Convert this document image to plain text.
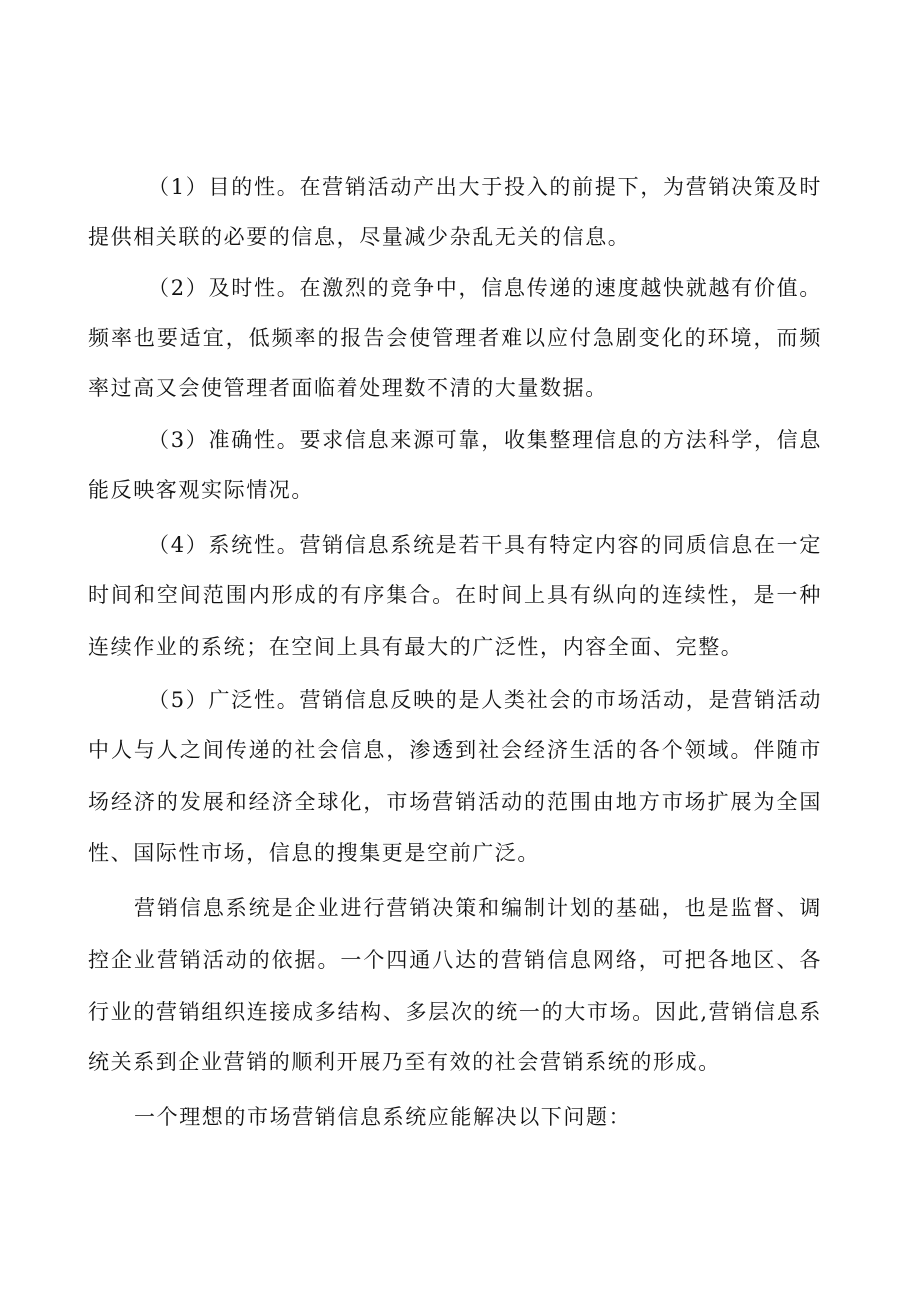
（1）目的性。在营销活动产出大于投入的前提下，为营销决策及时
提供相关联的必要的信息，尽量减少杂乱无关的信息。
（2）及时性。在激烈的竞争中，信息传递的速度越快就越有价值。
频率也要适宜，低频率的报告会使管理者难以应付急剧变化的环境，而频
率过高又会使管理者面临着处理数不清的大量数据。
（3）准确性。要求信息来源可靠，收集整理信息的方法科学，信息
能反映客观实际情况。
（4）系统性。营销信息系统是若干具有特定内容的同质信息在一定
时间和空间范围内形成的有序集合。在时间上具有纵向的连续性，是一种
连续作业的系统；在空间上具有最大的广泛性，内容全面、完整。
（5）广泛性。营销信息反映的是人类社会的市场活动，是营销活动
中人与人之间传递的社会信息，渗透到社会经济生活的各个领域。伴随市
场经济的发展和经济全球化，市场营销活动的范围由地方市场扩展为全国
性、国际性市场，信息的搜集更是空前广泛。
营销信息系统是企业进行营销决策和编制计划的基础，也是监督、调
控企业营销活动的依据。一个四通八达的营销信息网络，可把各地区、各
行业的营销组织连接成多结构、多层次的统一的大市场。因此,营销信息系
统关系到企业营销的顺利开展乃至有效的社会营销系统的形成。
一个理想的市场营销信息系统应能解决以下问题：
